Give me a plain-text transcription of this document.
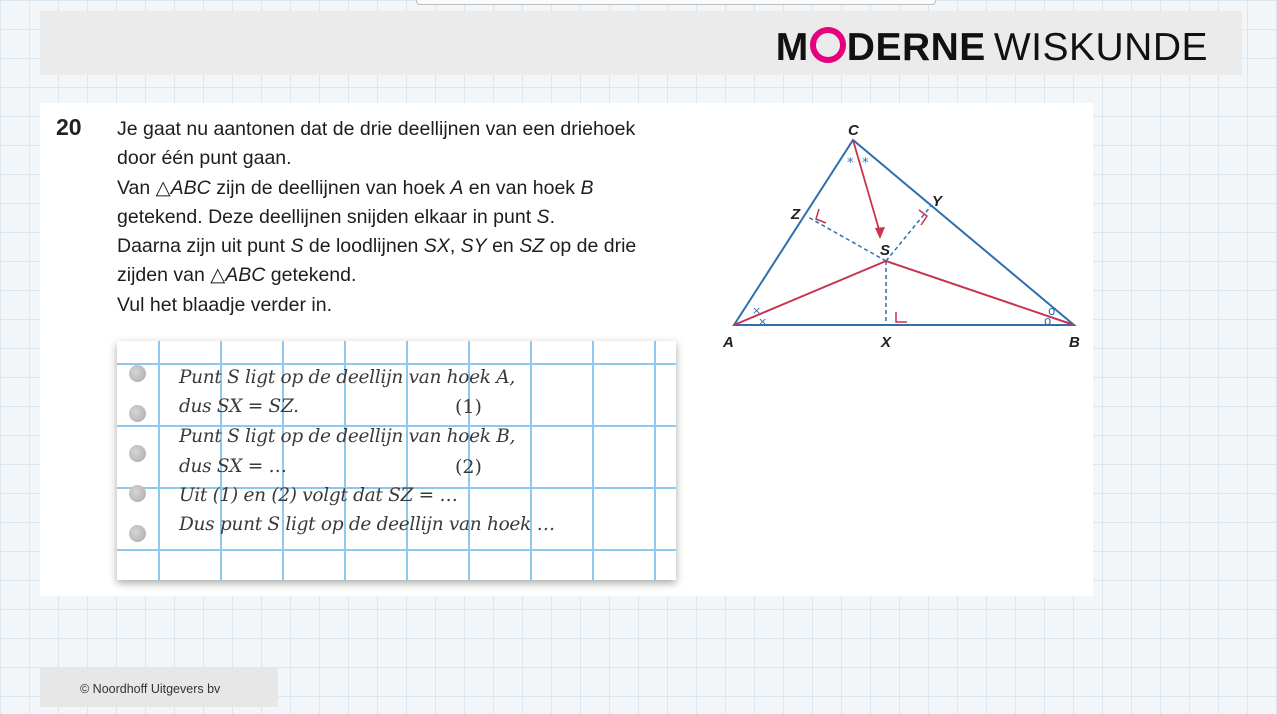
M DERNE WISKUNDE
20 Je gaat nu aantonen dat de drie deellijnen van een driehoek
door één punt gaan.
Van △ABC zijn de deellijnen van hoek A en van hoek B
getekend. Deze deellijnen snijden elkaar in punt S.
Daarna zijn uit punt S de loodlijnen SX, SY en SZ op de drie
zijden van △ABC getekend.
Vul het blaadje verder in.
Punt S ligt op de deellijn van hoek A,
dus SX = SZ.	(1)
Punt S ligt op de deellijn van hoek B,
dus SX = …	(2)
Uit (1) en (2) volgt dat SZ = …
Dus punt S ligt op de deellijn van hoek …
×
×
o
o
* *
A	B
C
S
X
Y
Z
© Noordhoff Uitgevers bv
